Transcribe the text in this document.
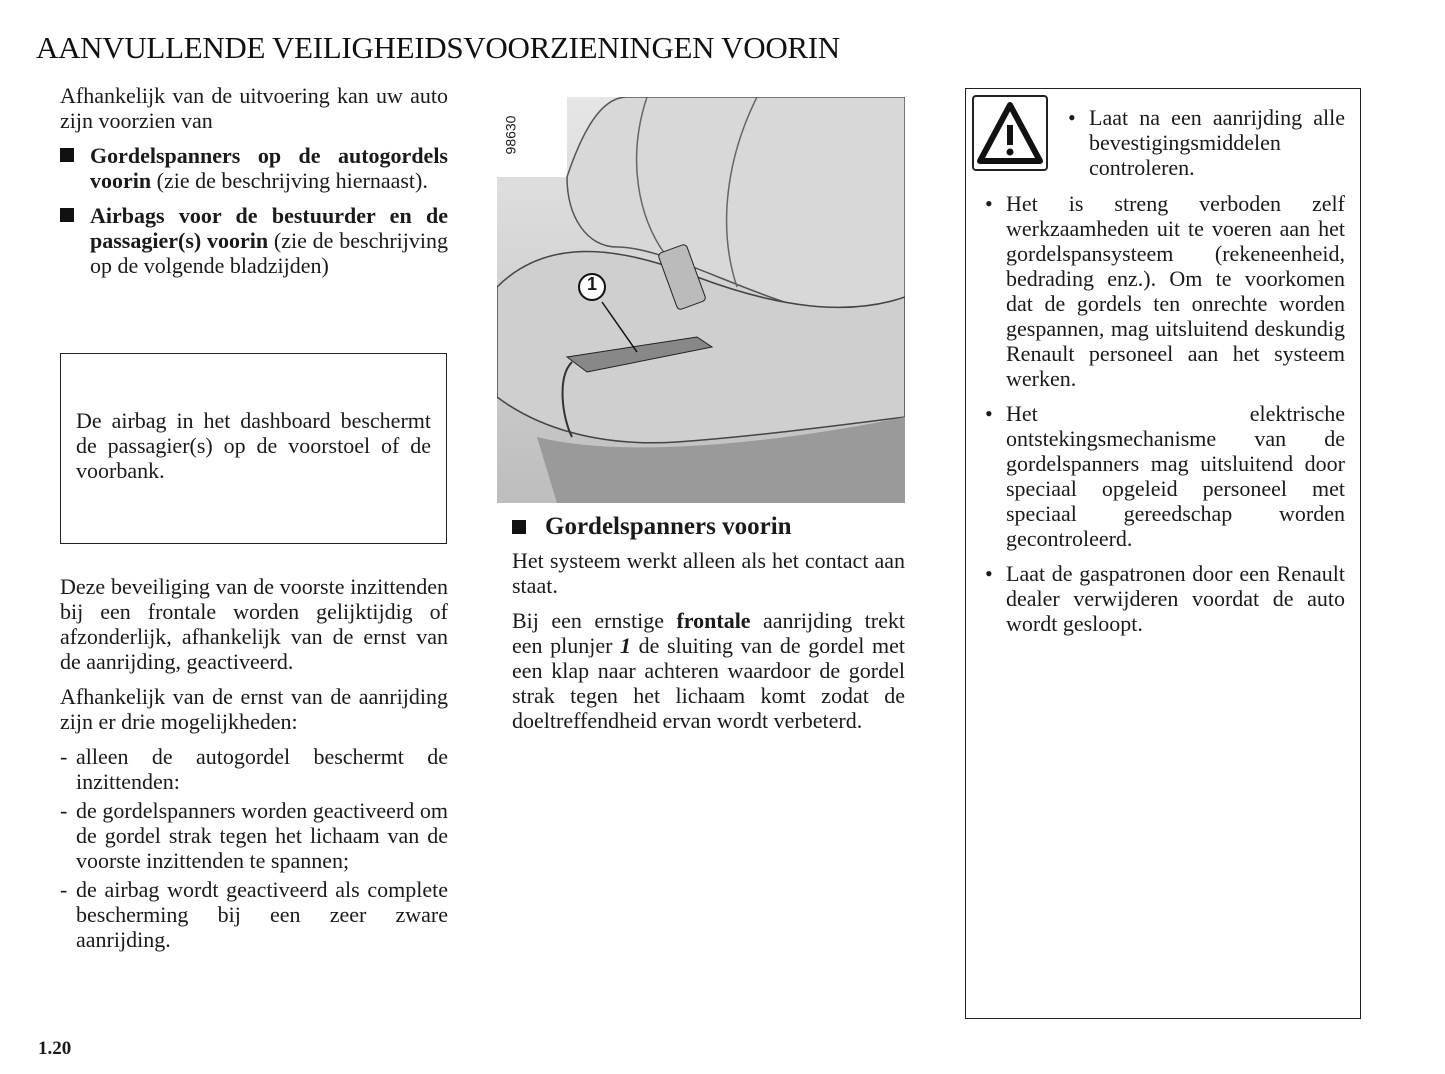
AANVULLENDE VEILIGHEIDSVOORZIENINGEN VOORIN

Afhankelijk van de uitvoering kan uw auto zijn voorzien van

Gordelspanners op de autogordels voorin (zie de beschrijving hiernaast).
Airbags voor de bestuurder en de passagier(s) voorin (zie de beschrijving op de volgende bladzijden)
De airbag in het dashboard beschermt de passagier(s) op de voorstoel of de voorbank.

Deze beveiliging van de voorste inzittenden bij een frontale worden gelijktijdig of afzonderlijk, afhankelijk van de ernst van de aanrijding, geactiveerd.

Afhankelijk van de ernst van de aanrijding zijn er drie mogelijkheden:

- alleen de autogordel beschermt de inzittenden:
- de gordelspanners worden geactiveerd om de gordel strak tegen het lichaam van de voorste inzittenden te spannen;
- de airbag wordt geactiveerd als complete bescherming bij een zeer zware aanrijding.
1
98630
Gordelspanners voorin

Het systeem werkt alleen als het contact aan staat.

Bij een ernstige frontale aanrijding trekt een plunjer 1 de sluiting van de gordel met een klap naar achteren waardoor de gordel strak tegen het lichaam komt zodat de doeltreffendheid ervan wordt verbeterd.

• Laat na een aanrijding alle bevestigingsmiddelen controleren.
• Het is streng verboden zelf werkzaamheden uit te voeren aan het gordelspansysteem (rekeneenheid, bedrading enz.). Om te voorkomen dat de gordels ten onrechte worden gespannen, mag uitsluitend deskundig Renault personeel aan het systeem werken.
• Het elektrische ontstekingsmechanisme van de gordelspanners mag uitsluitend door speciaal opgeleid personeel met speciaal gereedschap worden gecontroleerd.
• Laat de gaspatronen door een Renault dealer verwijderen voordat de auto wordt gesloopt.
1.20
